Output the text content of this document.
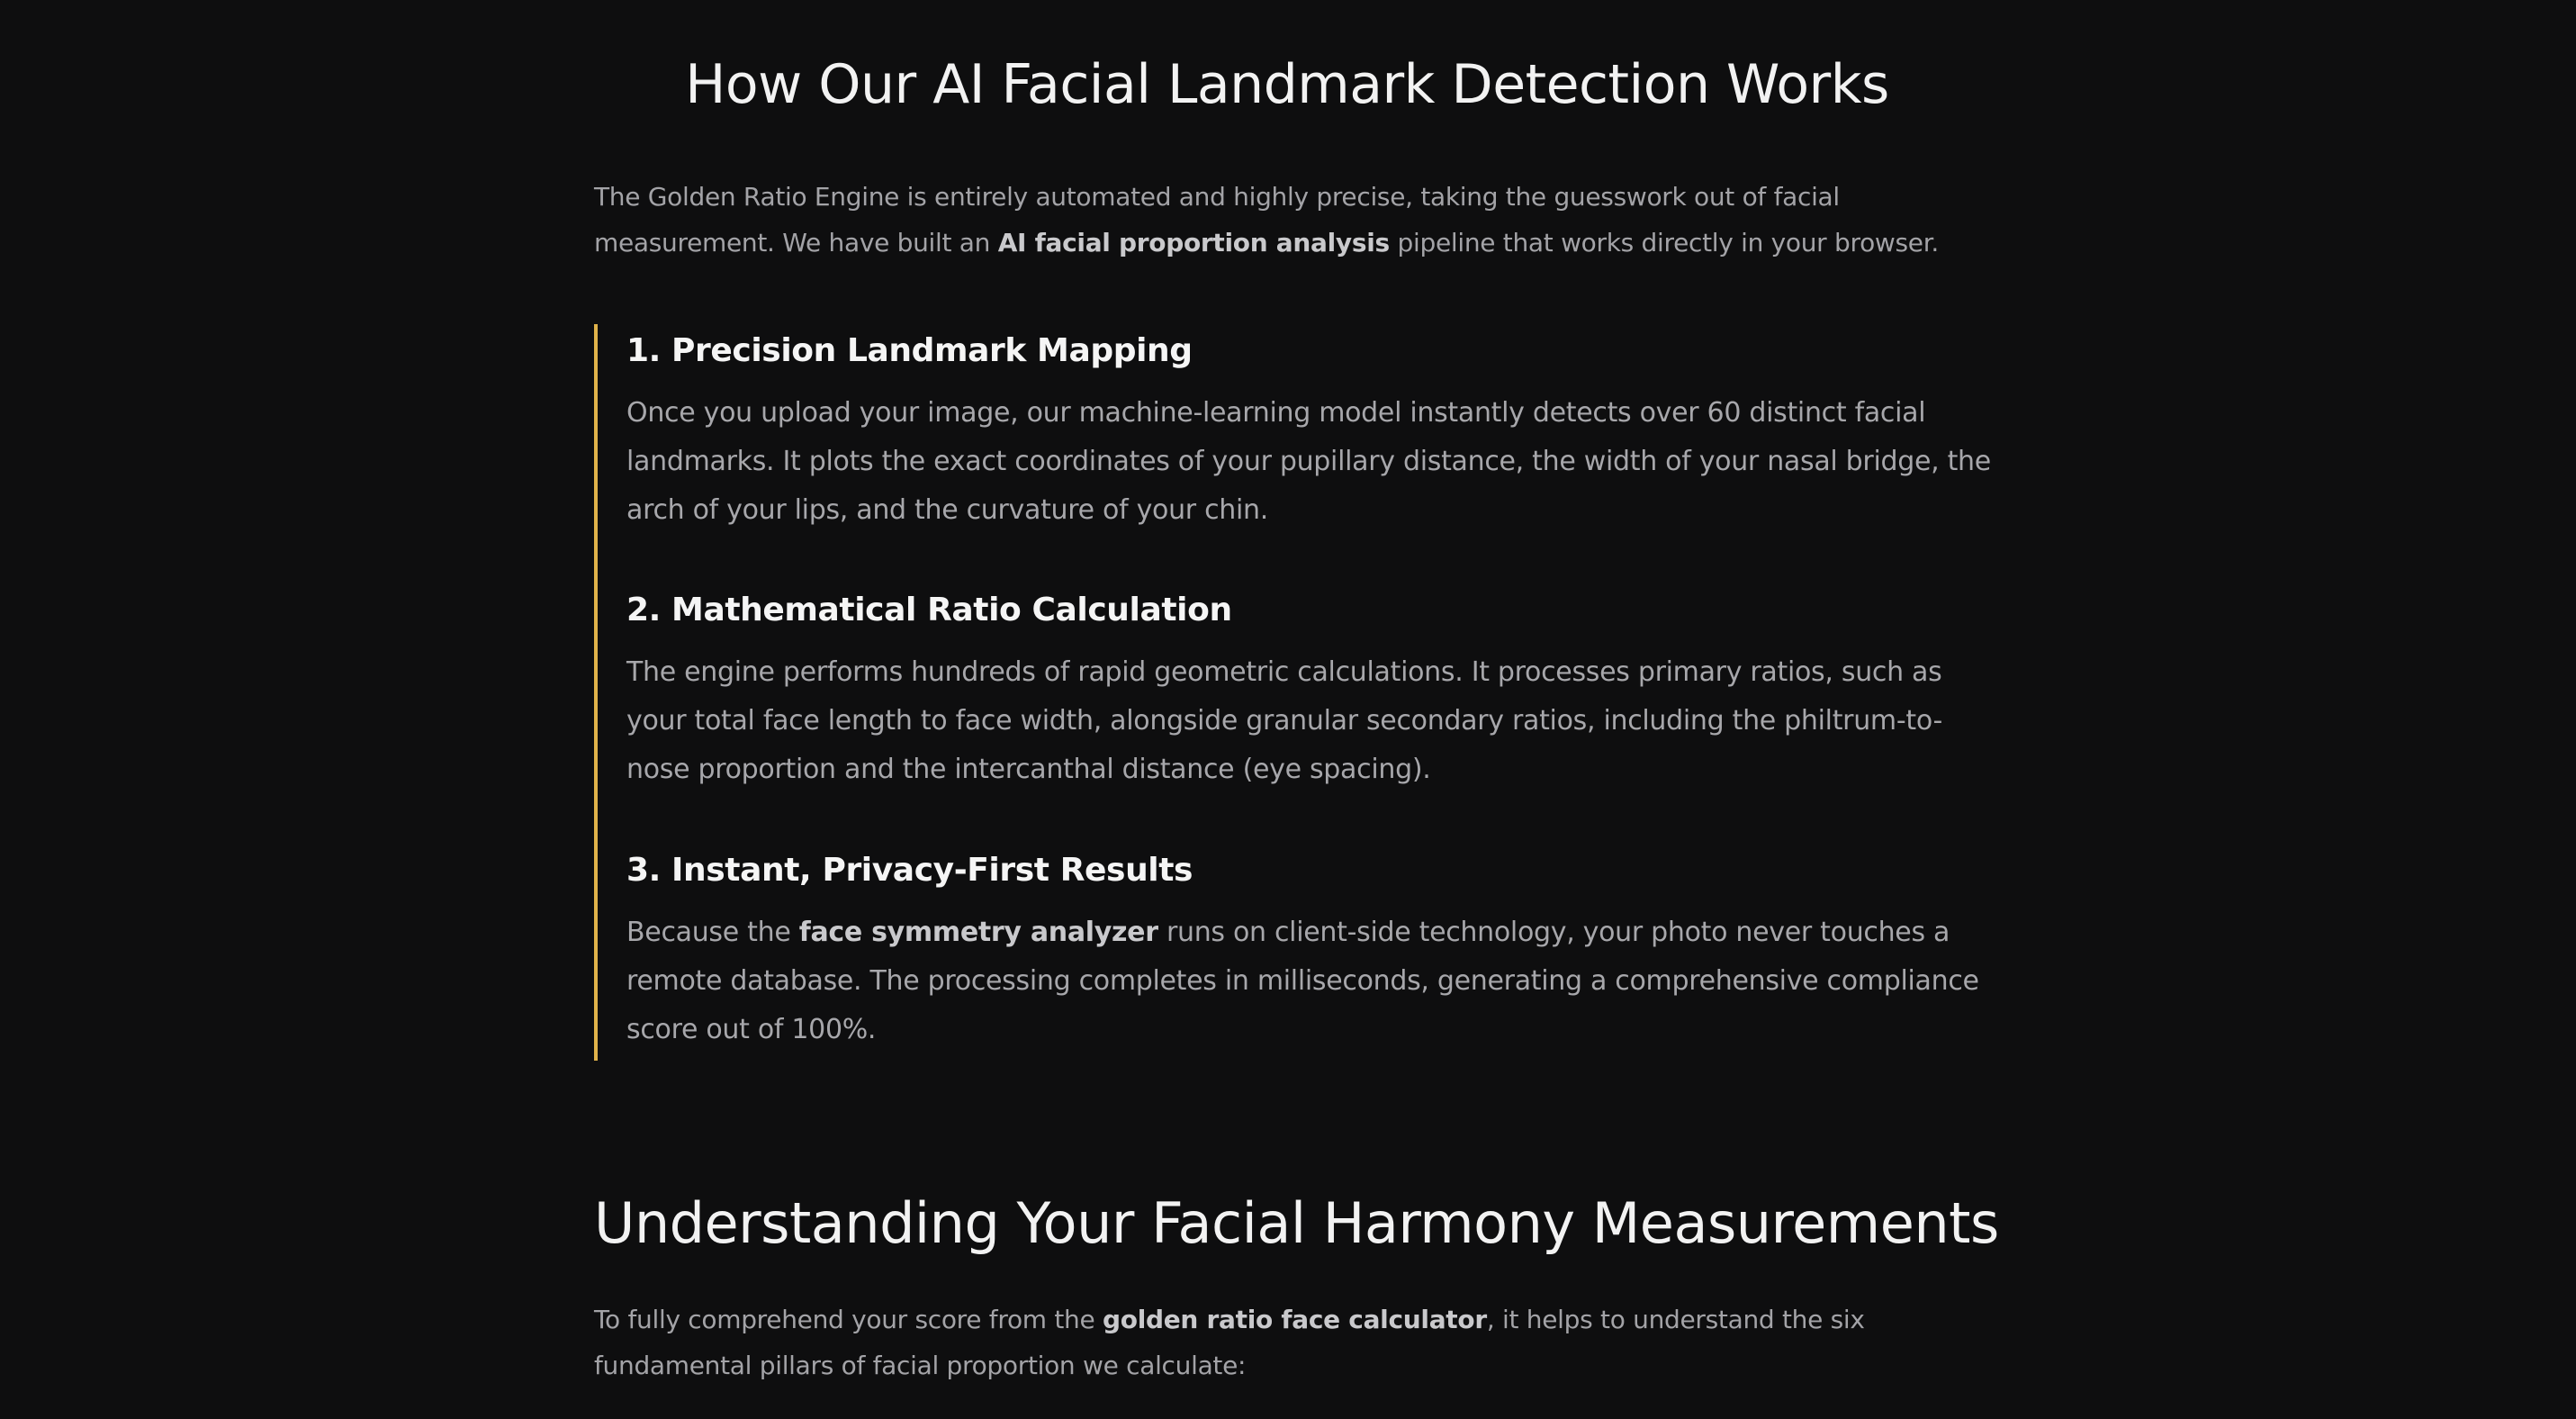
How Our AI Facial Landmark Detection Works

The Golden Ratio Engine is entirely automated and highly precise, taking the guesswork out of facial measurement. We have built an AI facial proportion analysis pipeline that works directly in your browser.

1. Precision Landmark Mapping

Once you upload your image, our machine-learning model instantly detects over 60 distinct facial landmarks. It plots the exact coordinates of your pupillary distance, the width of your nasal bridge, the arch of your lips, and the curvature of your chin.

2. Mathematical Ratio Calculation

The engine performs hundreds of rapid geometric calculations. It processes primary ratios, such as your total face length to face width, alongside granular secondary ratios, including the philtrum-to-nose proportion and the intercanthal distance (eye spacing).

3. Instant, Privacy-First Results

Because the face symmetry analyzer runs on client-side technology, your photo never touches a remote database. The processing completes in milliseconds, generating a comprehensive compliance score out of 100%.

Understanding Your Facial Harmony Measurements

To fully comprehend your score from the golden ratio face calculator, it helps to understand the six fundamental pillars of facial proportion we calculate:
